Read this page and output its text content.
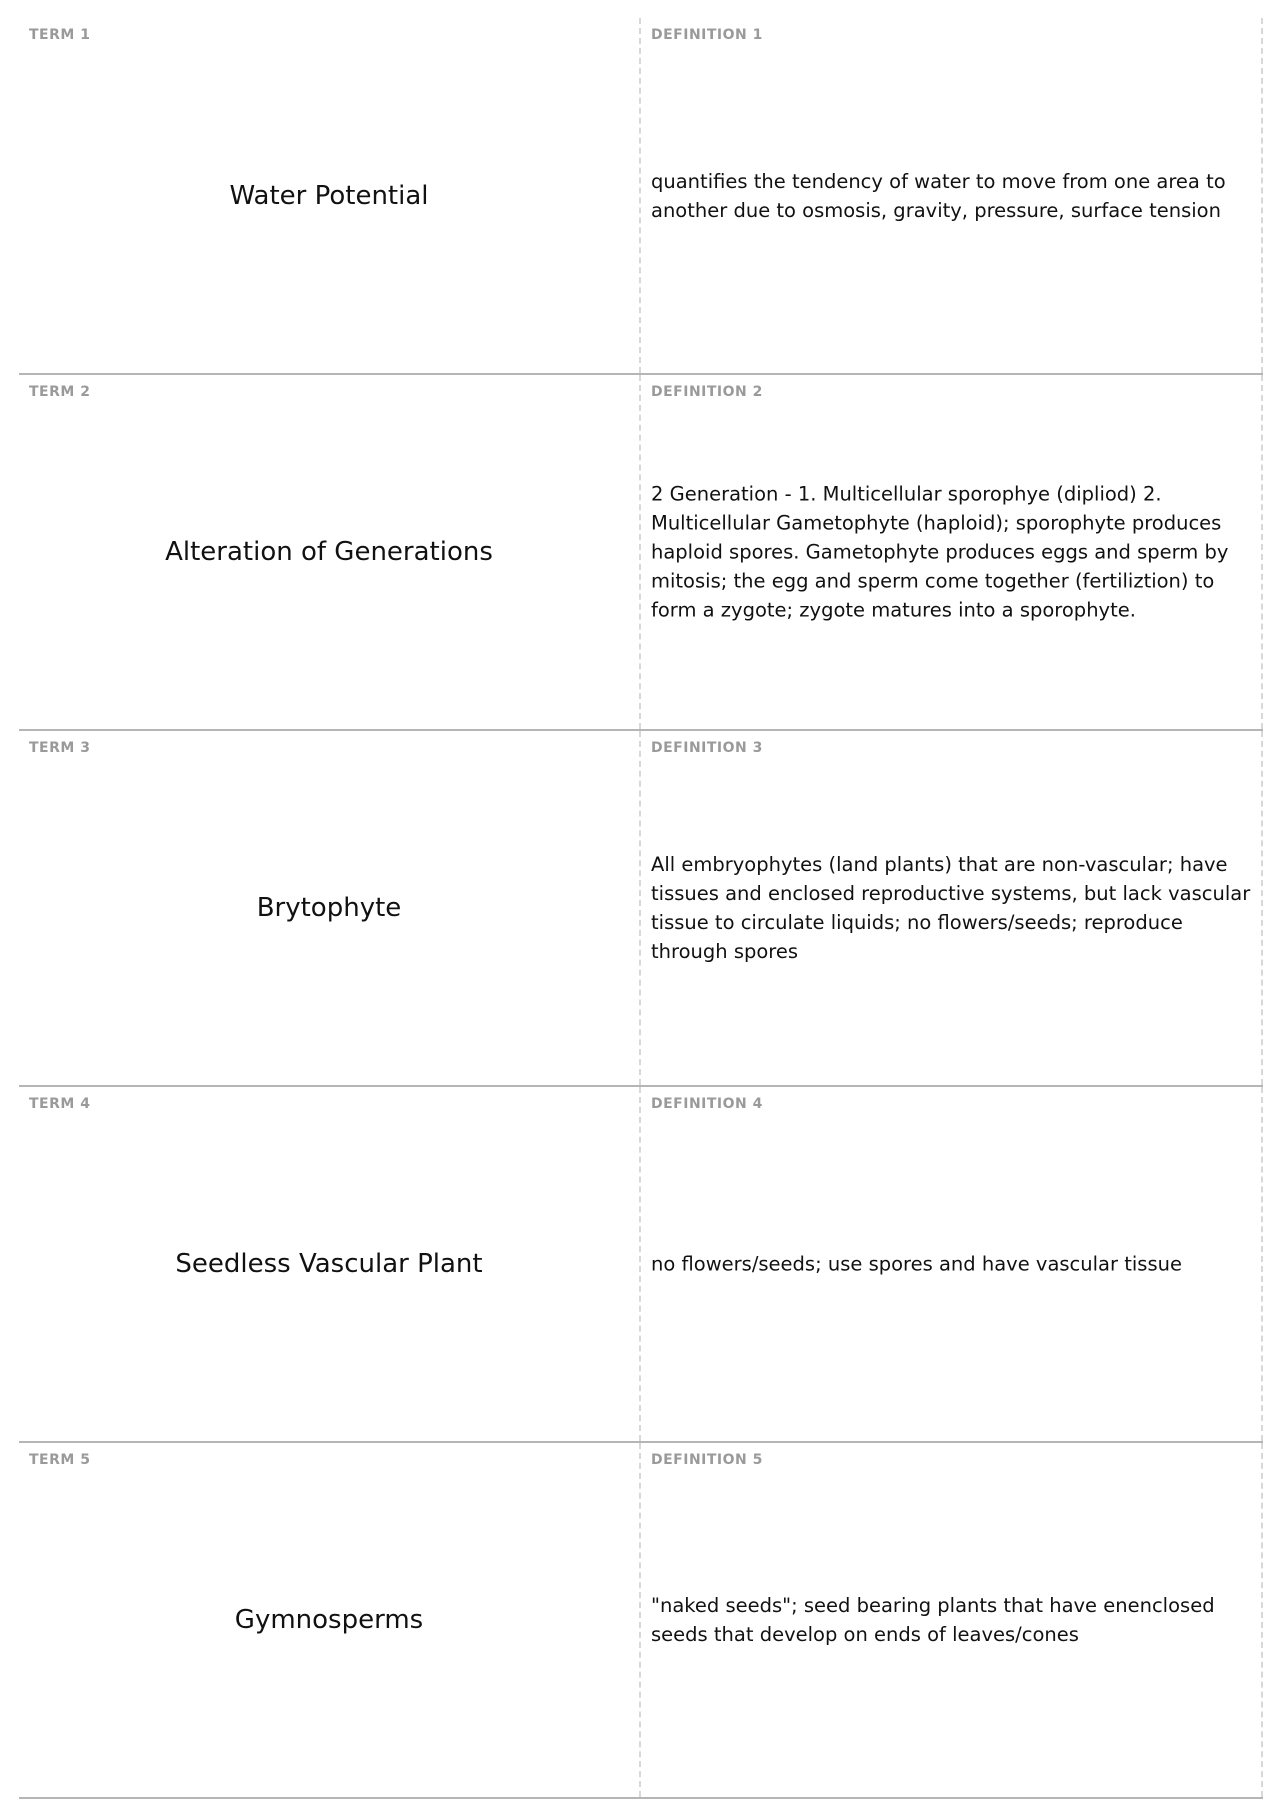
TERM 1
Water Potential
DEFINITION 1
quantifies the tendency of water to move from one area to another due to osmosis, gravity, pressure, surface tension
TERM 2
Alteration of Generations
DEFINITION 2
2 Generation - 1. Multicellular sporophye (dipliod) 2. Multicellular Gametophyte (haploid); sporophyte produces haploid spores. Gametophyte produces eggs and sperm by mitosis; the egg and sperm come together (fertiliztion) to form a zygote; zygote matures into a sporophyte.
TERM 3
Brytophyte
DEFINITION 3
All embryophytes (land plants) that are non-vascular; have tissues and enclosed reproductive systems, but lack vascular tissue to circulate liquids; no flowers/seeds; reproduce through spores
TERM 4
Seedless Vascular Plant
DEFINITION 4
no flowers/seeds; use spores and have vascular tissue
TERM 5
Gymnosperms
DEFINITION 5
"naked seeds"; seed bearing plants that have enenclosed seeds that develop on ends of leaves/cones
